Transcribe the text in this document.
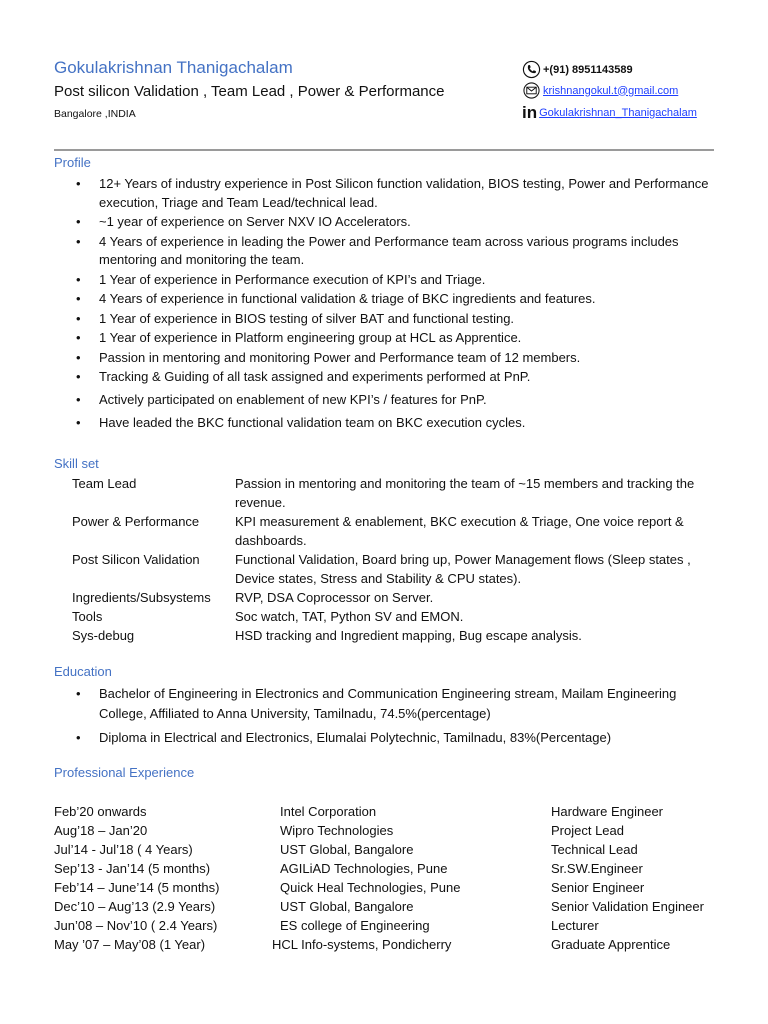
Gokulakrishnan Thanigachalam
Post silicon Validation , Team Lead , Power & Performance
Bangalore ,INDIA
+(91) 8951143589
krishnangokul.t@gmail.com
in Gokulakrishnan_Thanigachalam
Profile
• 12+ Years of industry experience in Post Silicon function validation, BIOS testing, Power and Performance execution, Triage and Team Lead/technical lead.
• ~1 year of experience on Server NXV IO Accelerators.
• 4 Years of experience in leading the Power and Performance team across various programs includes mentoring and monitoring the team.
• 1 Year of experience in Performance execution of KPI’s and Triage.
• 4 Years of experience in functional validation & triage of BKC ingredients and features.
• 1 Year of experience in BIOS testing of silver BAT and functional testing.
• 1 Year of experience in Platform engineering group at HCL as Apprentice.
• Passion in mentoring and monitoring Power and Performance team of 12 members.
• Tracking & Guiding of all task assigned and experiments performed at PnP.
• Actively participated on enablement of new KPI’s / features for PnP.
• Have leaded the BKC functional validation team on BKC execution cycles.
Skill set
Team Lead	Passion in mentoring and monitoring the team of ~15 members and tracking the revenue.
Power & Performance	KPI measurement & enablement, BKC execution & Triage, One voice report & dashboards.
Post Silicon Validation	Functional Validation, Board bring up, Power Management flows (Sleep states , Device states, Stress and Stability & CPU states).
Ingredients/Subsystems	RVP, DSA Coprocessor on Server.
Tools	Soc watch, TAT, Python SV and EMON.
Sys-debug	HSD tracking and Ingredient mapping, Bug escape analysis.
Education
• Bachelor of Engineering in Electronics and Communication Engineering stream, Mailam Engineering College, Affiliated to Anna University, Tamilnadu, 74.5%(percentage)
• Diploma in Electrical and Electronics, Elumalai Polytechnic, Tamilnadu, 83%(Percentage)
Professional Experience
Feb’20 onwards	Intel Corporation	Hardware Engineer
Aug’18 – Jan’20	Wipro Technologies	Project Lead
Jul’14 - Jul’18 ( 4 Years)	UST Global, Bangalore	Technical Lead
Sep’13 - Jan’14 (5 months)	AGILiAD Technologies, Pune	Sr.SW.Engineer
Feb’14 – June’14 (5 months)	Quick Heal Technologies, Pune	Senior Engineer
Dec’10 – Aug’13 (2.9 Years)	UST Global, Bangalore	Senior Validation Engineer
Jun’08 – Nov’10 ( 2.4 Years)	ES college of Engineering	Lecturer
May ’07 – May’08 (1 Year)	HCL Info-systems, Pondicherry	Graduate Apprentice
